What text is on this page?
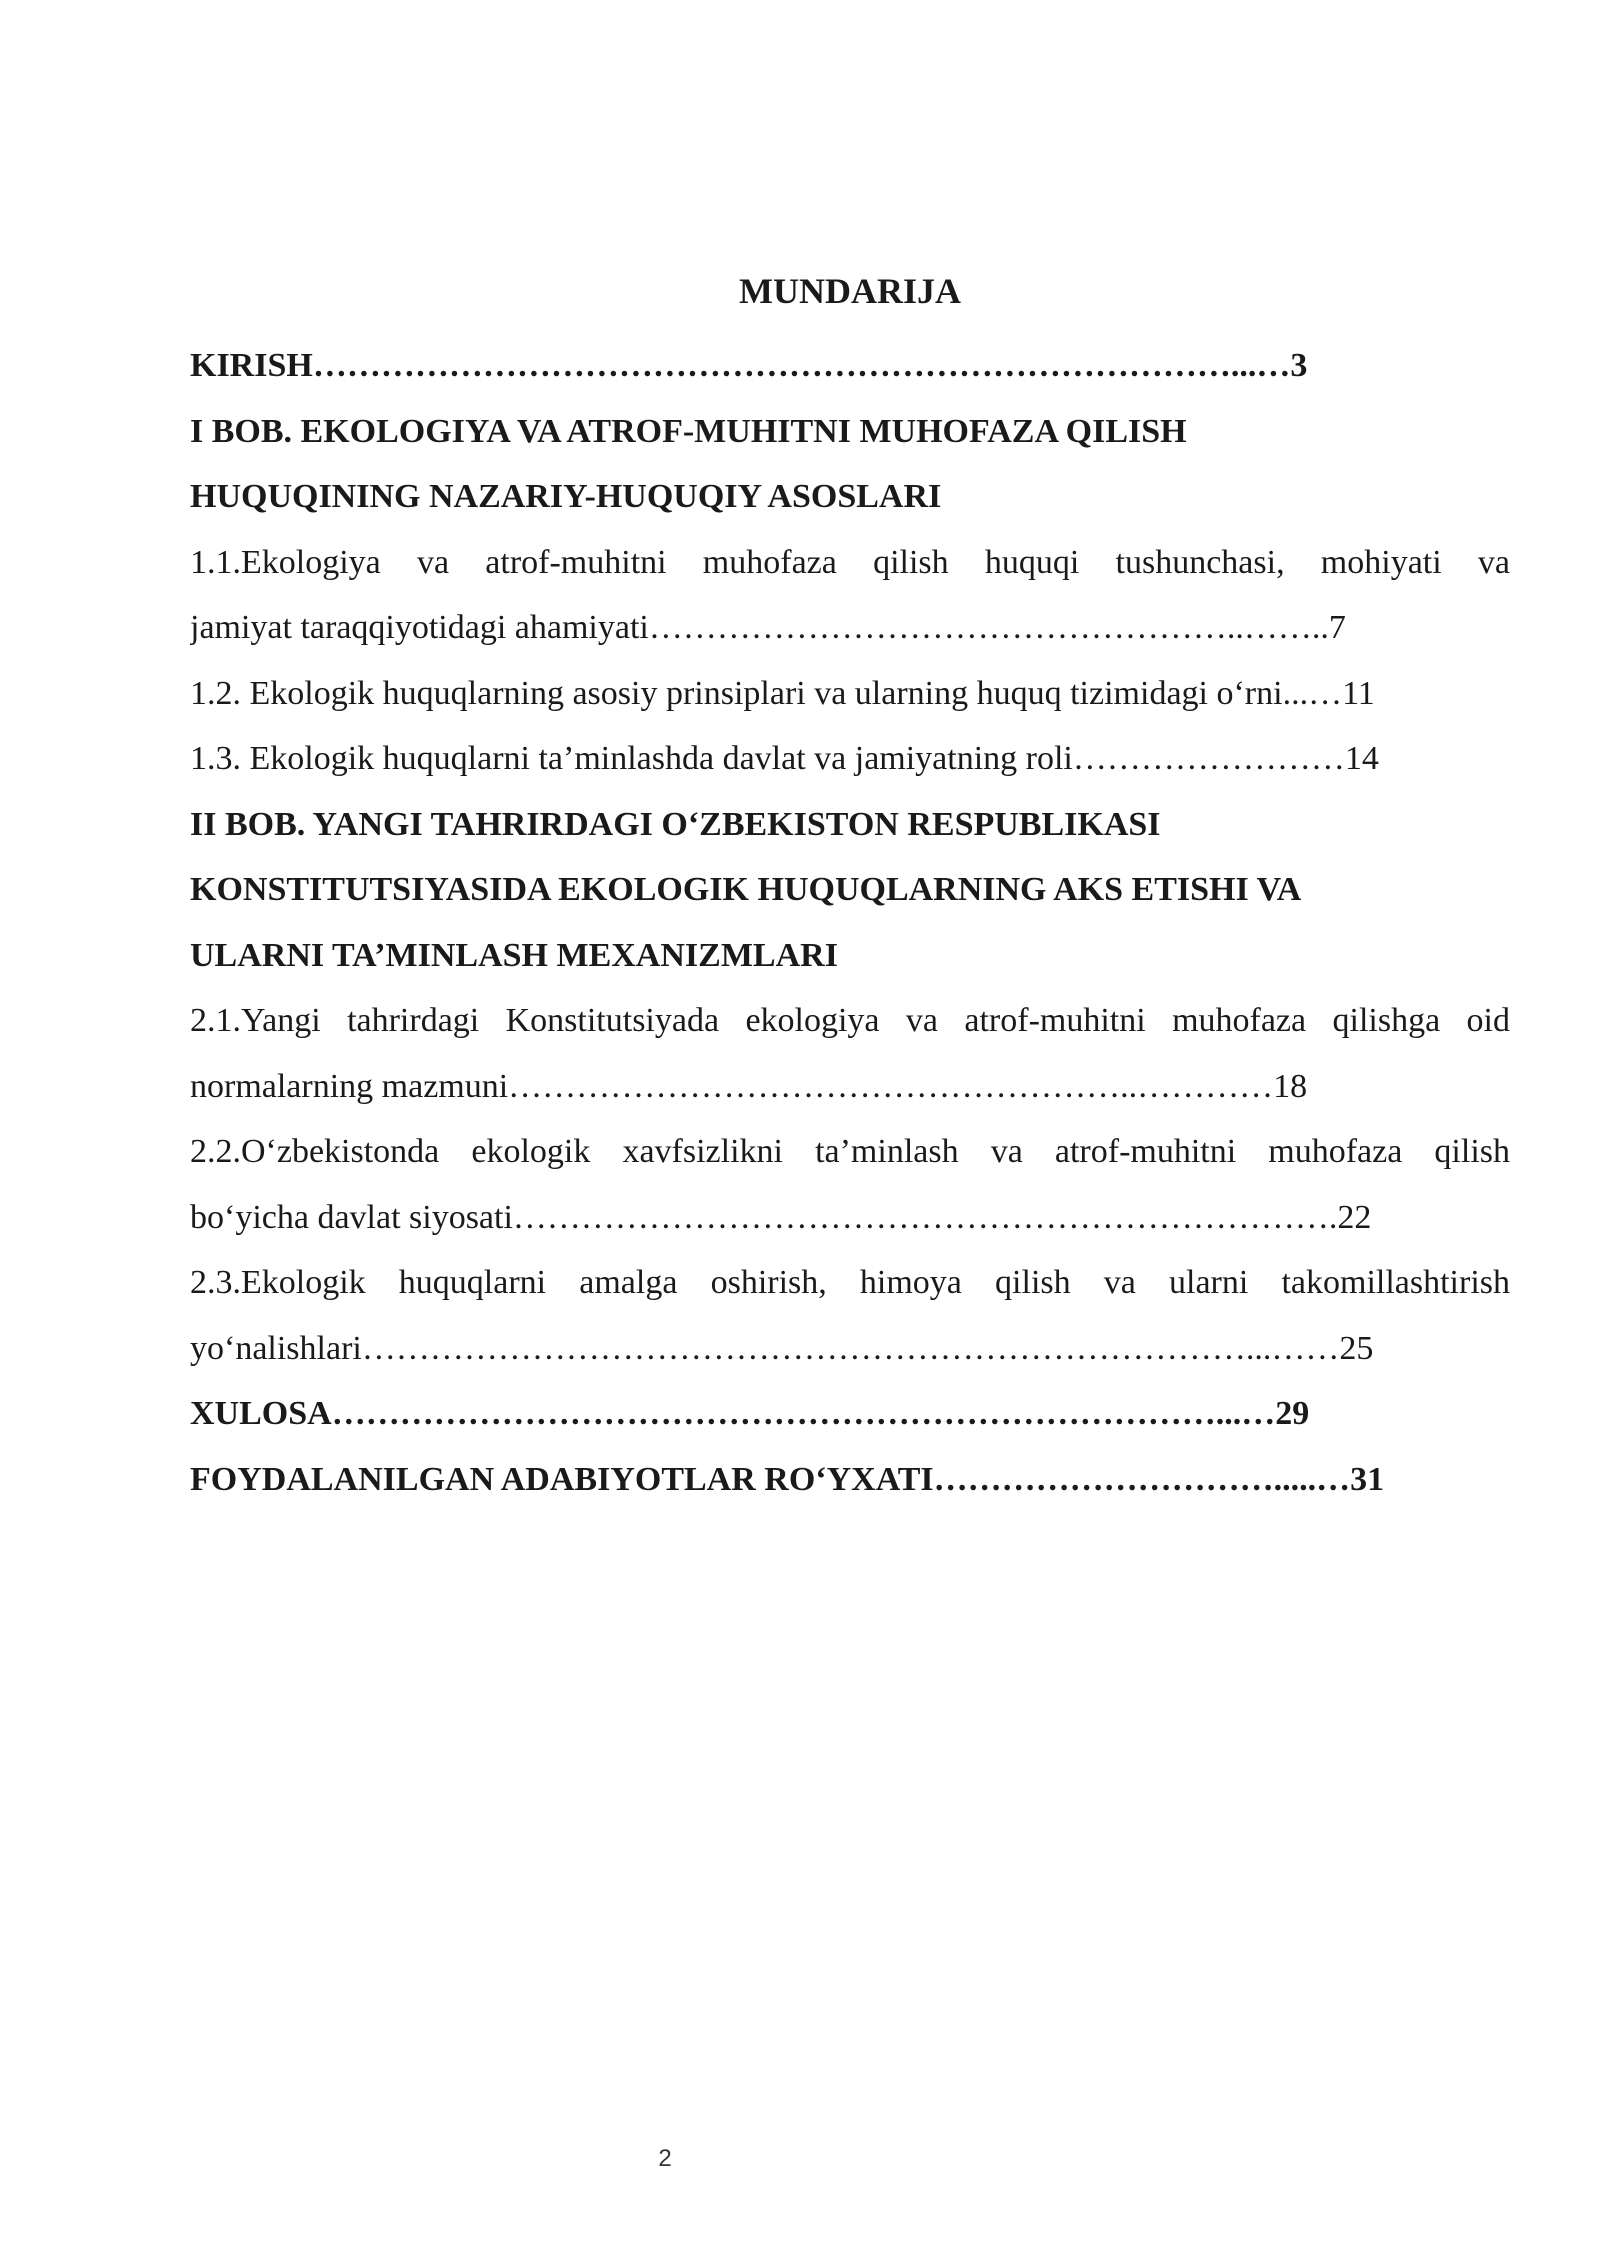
MUNDARIJA
KIRISH………………………………………………………………………...…3
I BOB. EKOLOGIYA VA ATROF-MUHITNI MUHOFAZA QILISH
HUQUQINING NAZARIY-HUQUQIY ASOSLARI
1.1.Ekologiya va atrof-muhitni muhofaza qilish huquqi tushunchasi, mohiyati va
jamiyat taraqqiyotidagi ahamiyati……………………………………………..……..7
1.2. Ekologik huquqlarning asosiy prinsiplari va ularning huquq tizimidagi o‘rni...…11
1.3. Ekologik huquqlarni ta’minlashda davlat va jamiyatning roli……………………14
II BOB. YANGI TAHRIRDAGI O‘ZBEKISTON RESPUBLIKASI
KONSTITUTSIYASIDA EKOLOGIK HUQUQLARNING AKS ETISHI VA
ULARNI TA’MINLASH MEXANIZMLARI
2.1.Yangi tahrirdagi Konstitutsiyada ekologiya va atrof-muhitni muhofaza qilishga oid
normalarning mazmuni………………………………………………..…………18
2.2.O‘zbekistonda ekologik xavfsizlikni ta’minlash va atrof-muhitni muhofaza qilish
bo‘yicha davlat siyosati……………………………………………………………….22
2.3.Ekologik huquqlarni amalga oshirish, himoya qilish va ularni takomillashtirish
yo‘nalishlari……………………………………………………………………...……25
XULOSA……………………………………………………………………...…29
FOYDALANILGAN ADABIYOTLAR RO‘YXATI………………………….....…31
2
